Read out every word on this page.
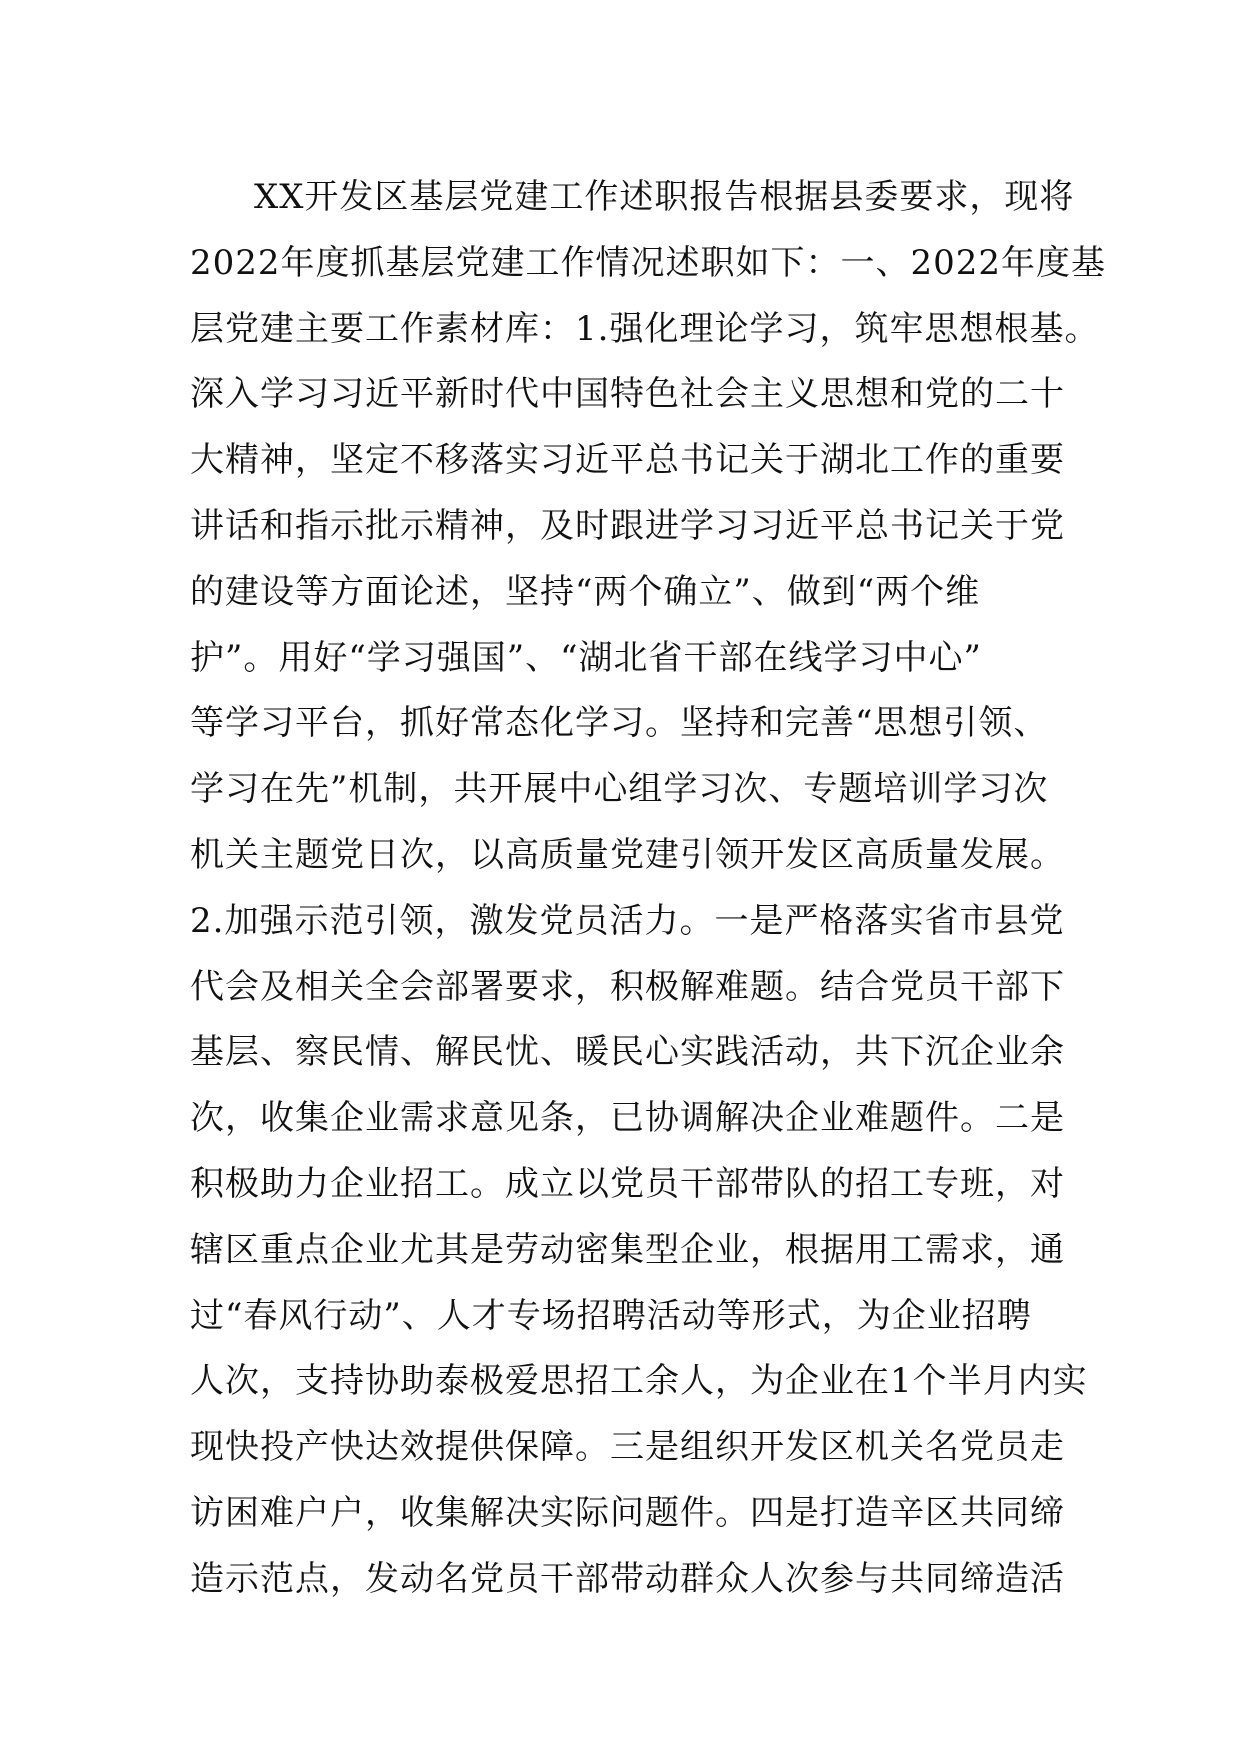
XX开发区基层党建工作述职报告根据县委要求，现将
2022年度抓基层党建工作情况述职如下：一、2022年度基
层党建主要工作素材库：1.强化理论学习，筑牢思想根基。
深入学习习近平新时代中国特色社会主义思想和党的二十
大精神，坚定不移落实习近平总书记关于湖北工作的重要
讲话和指示批示精神，及时跟进学习习近平总书记关于党
的建设等方面论述，坚持“两个确立”、做到“两个维
护”。用好“学习强国”、“湖北省干部在线学习中心”
等学习平台，抓好常态化学习。坚持和完善“思想引领、
学习在先”机制，共开展中心组学习次、专题培训学习次
机关主题党日次，以高质量党建引领开发区高质量发展。
2.加强示范引领，激发党员活力。一是严格落实省市县党
代会及相关全会部署要求，积极解难题。结合党员干部下
基层、察民情、解民忧、暖民心实践活动，共下沉企业余
次，收集企业需求意见条，已协调解决企业难题件。二是
积极助力企业招工。成立以党员干部带队的招工专班，对
辖区重点企业尤其是劳动密集型企业，根据用工需求，通
过“春风行动”、人才专场招聘活动等形式，为企业招聘
人次，支持协助泰极爱思招工余人，为企业在1个半月内实
现快投产快达效提供保障。三是组织开发区机关名党员走
访困难户户，收集解决实际问题件。四是打造辛区共同缔
造示范点，发动名党员干部带动群众人次参与共同缔造活
